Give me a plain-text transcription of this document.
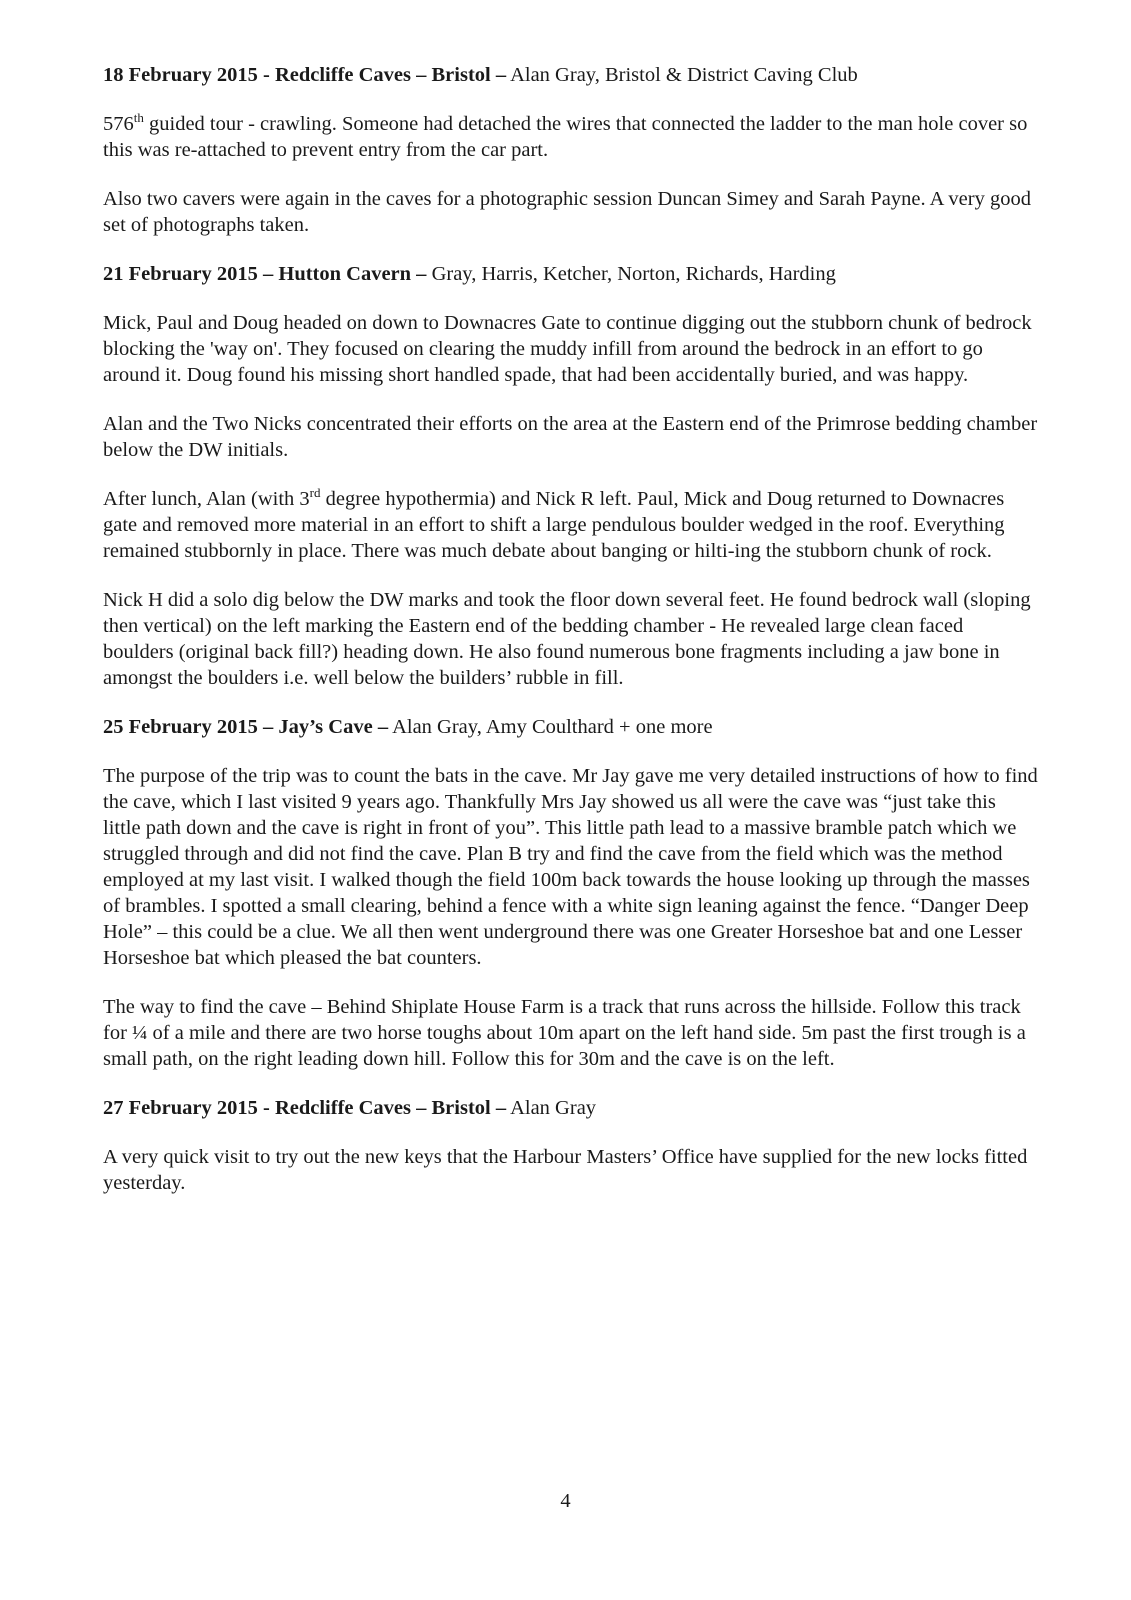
18 February 2015 - Redcliffe Caves – Bristol – Alan Gray, Bristol & District Caving Club

576th guided tour - crawling. Someone had detached the wires that connected the ladder to the man hole cover so this was re-attached to prevent entry from the car part.

Also two cavers were again in the caves for a photographic session Duncan Simey and Sarah Payne. A very good set of photographs taken.

21 February 2015 – Hutton Cavern – Gray, Harris, Ketcher, Norton, Richards, Harding

Mick, Paul and Doug headed on down to Downacres Gate to continue digging out the stubborn chunk of bedrock blocking the 'way on'. They focused on clearing the muddy infill from around the bedrock in an effort to go around it. Doug found his missing short handled spade, that had been accidentally buried, and was happy.

Alan and the Two Nicks concentrated their efforts on the area at the Eastern end of the Primrose bedding chamber below the DW initials.

After lunch, Alan (with 3rd degree hypothermia) and Nick R left. Paul, Mick and Doug returned to Downacres gate and removed more material in an effort to shift a large pendulous boulder wedged in the roof. Everything remained stubbornly in place. There was much debate about banging or hilti-ing the stubborn chunk of rock.

Nick H did a solo dig below the DW marks and took the floor down several feet. He found bedrock wall (sloping then vertical) on the left marking the Eastern end of the bedding chamber - He revealed large clean faced boulders (original back fill?) heading down. He also found numerous bone fragments including a jaw bone in amongst the boulders i.e. well below the builders’ rubble in fill.

25 February 2015 – Jay’s Cave – Alan Gray, Amy Coulthard + one more

The purpose of the trip was to count the bats in the cave. Mr Jay gave me very detailed instructions of how to find the cave, which I last visited 9 years ago. Thankfully Mrs Jay showed us all were the cave was “just take this little path down and the cave is right in front of you”. This little path lead to a massive bramble patch which we struggled through and did not find the cave. Plan B try and find the cave from the field which was the method employed at my last visit. I walked though the field 100m back towards the house looking up through the masses of brambles. I spotted a small clearing, behind a fence with a white sign leaning against the fence. “Danger Deep Hole” – this could be a clue. We all then went underground there was one Greater Horseshoe bat and one Lesser Horseshoe bat which pleased the bat counters.

The way to find the cave – Behind Shiplate House Farm is a track that runs across the hillside. Follow this track for ¼ of a mile and there are two horse toughs about 10m apart on the left hand side. 5m past the first trough is a small path, on the right leading down hill. Follow this for 30m and the cave is on the left.

27 February 2015 - Redcliffe Caves – Bristol – Alan Gray

A very quick visit to try out the new keys that the Harbour Masters’ Office have supplied for the new locks fitted yesterday.

4
